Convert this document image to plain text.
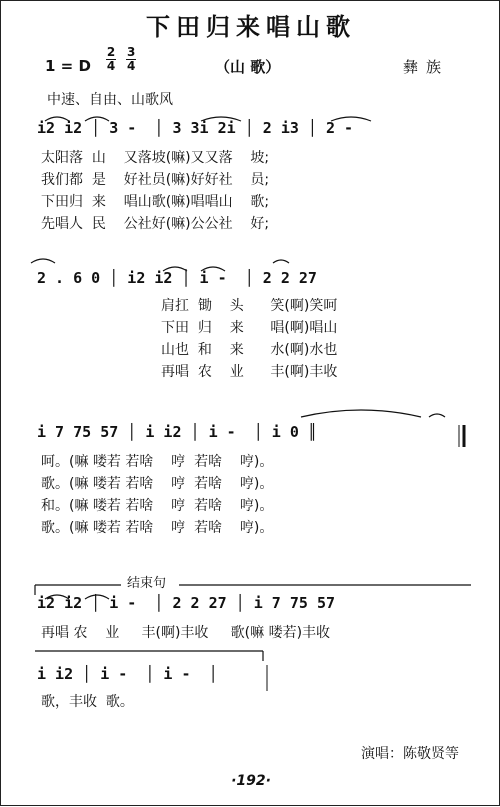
下田归来唱山歌
1 = D $\frac{2}{4}$
$\frac{3}{4}$	（山 歌）	彝族
中速、自由、山歌风
i2 i2 │ 3 -  │ 3 3i 2i │ 2 i3 │ 2 -
太阳落  山    又落坡(嘛)又又落    坡;
我们都  是    好社员(嘛)好好社    员;
下田归  来    唱山歌(嘛)唱唱山    歌;
先唱人  民    公社好(嘛)公公社    好;
2 . 6 0 │ i2 i2 │ i -  │ 2 2 27
肩扛  锄    头      笑(啊)笑呵
下田  归    来      唱(啊)唱山
山也  和    来      水(啊)水也
再唱  农    业      丰(啊)丰收
i 7 75 57 │ i i2 │ i -  │ i 0 ║
呵。(嘛 喽若 若啥    哼  若啥    哼)。
歌。(嘛 喽若 若啥    哼  若啥    哼)。
和。(嘛 喽若 若啥    哼  若啥    哼)。
歌。(嘛 喽若 若啥    哼  若啥    哼)。
结束句
i2 i2 │ i -  │ 2 2 27 │ i 7 75 57
再唱 农    业     丰(啊)丰收     歌(嘛 喽若)丰收
i i2 │ i -  │ i -  │
歌，丰收  歌。
演唱：陈敬贤等
·192·
